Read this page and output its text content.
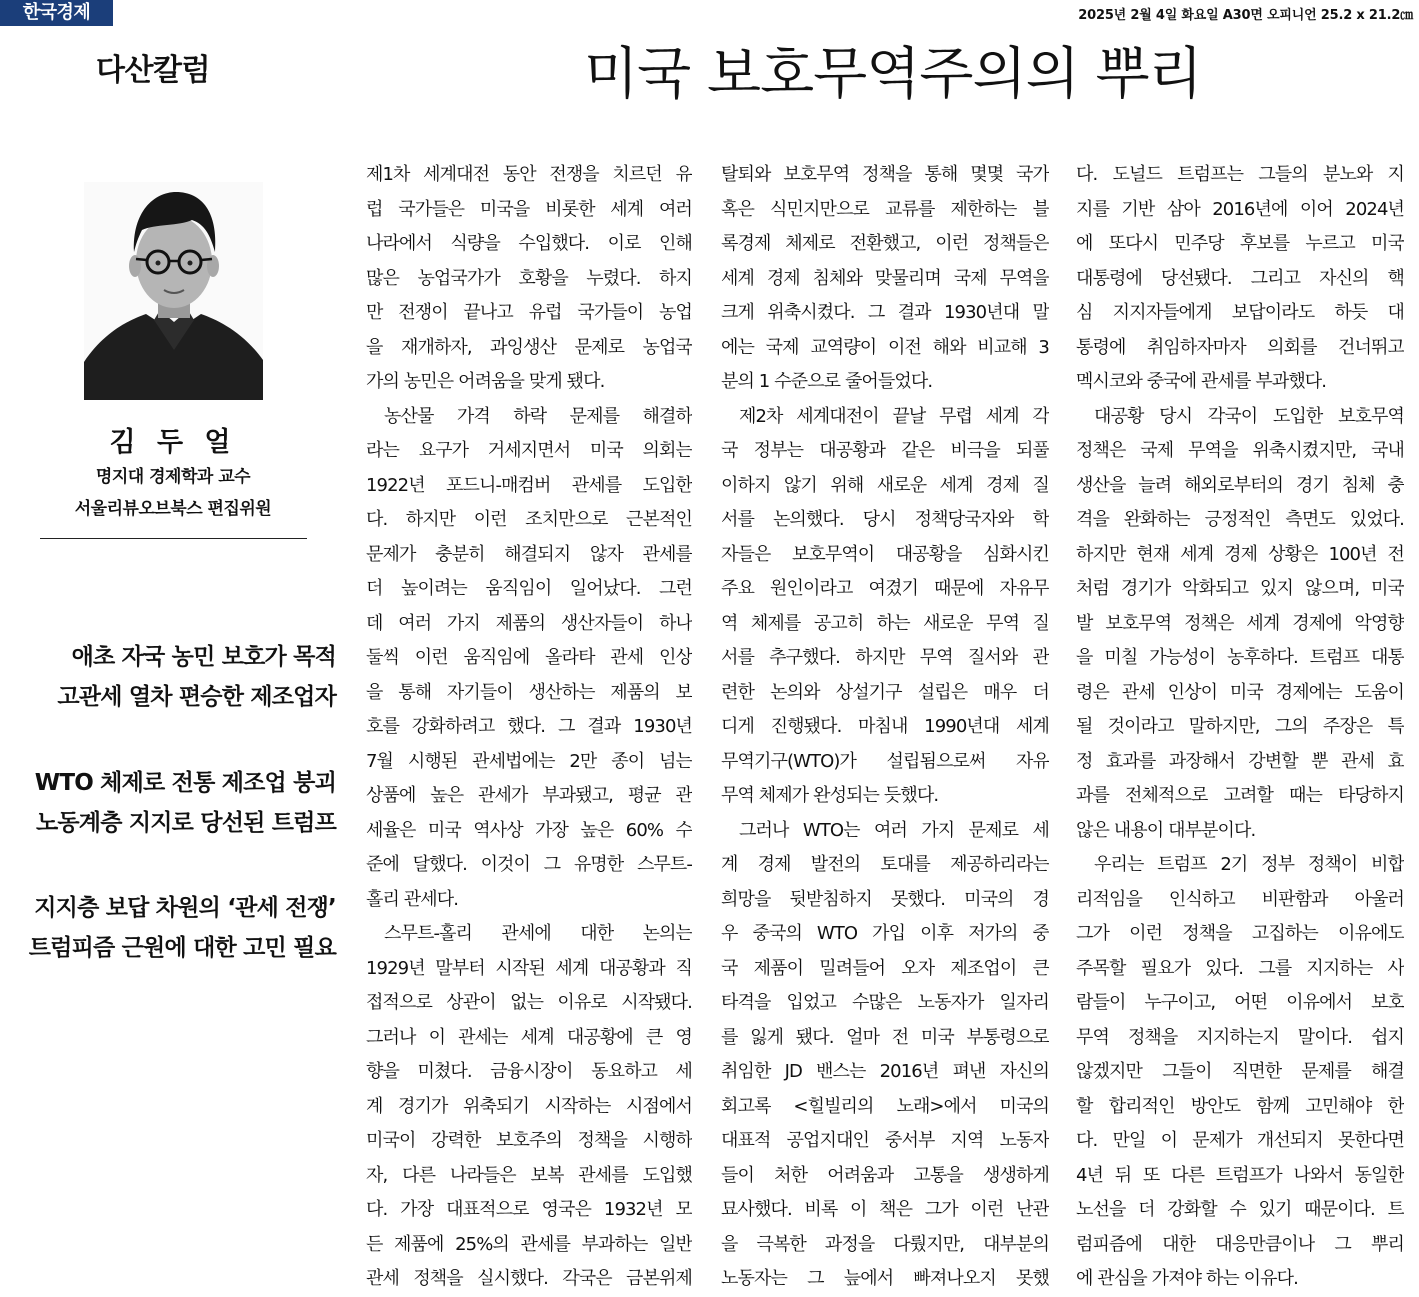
한국경제	2025년 2월 4일 화요일 A30면 오피니언 25.2 x 21.2㎝
다산칼럼	미국 보호무역주의의 뿌리
김 두 얼
명지대 경제학과 교수
서울리뷰오브북스 편집위원
애초 자국 농민 보호가 목적
고관세 열차 편승한 제조업자
WTO 체제로 전통 제조업 붕괴
노동계층 지지로 당선된 트럼프
지지층 보답 차원의 ‘관세 전쟁’
트럼피즘 근원에 대한 고민 필요
제1차 세계대전 동안 전쟁을 치르던 유
럽 국가들은 미국을 비롯한 세계 여러
나라에서 식량을 수입했다. 이로 인해
많은 농업국가가 호황을 누렸다. 하지
만 전쟁이 끝나고 유럽 국가들이 농업
을 재개하자, 과잉생산 문제로 농업국
가의 농민은 어려움을 맞게 됐다.
농산물 가격 하락 문제를 해결하
라는 요구가 거세지면서 미국 의회는
1922년 포드니-매컴버 관세를 도입한
다. 하지만 이런 조치만으로 근본적인
문제가 충분히 해결되지 않자 관세를
더 높이려는 움직임이 일어났다. 그런
데 여러 가지 제품의 생산자들이 하나
둘씩 이런 움직임에 올라타 관세 인상
을 통해 자기들이 생산하는 제품의 보
호를 강화하려고 했다. 그 결과 1930년
7월 시행된 관세법에는 2만 종이 넘는
상품에 높은 관세가 부과됐고, 평균 관
세율은 미국 역사상 가장 높은 60% 수
준에 달했다. 이것이 그 유명한 스무트-
홀리 관세다.
스무트-홀리 관세에 대한 논의는
1929년 말부터 시작된 세계 대공황과 직
접적으로 상관이 없는 이유로 시작됐다.
그러나 이 관세는 세계 대공황에 큰 영
향을 미쳤다. 금융시장이 동요하고 세
계 경기가 위축되기 시작하는 시점에서
미국이 강력한 보호주의 정책을 시행하
자, 다른 나라들은 보복 관세를 도입했
다. 가장 대표적으로 영국은 1932년 모
든 제품에 25%의 관세를 부과하는 일반
관세 정책을 실시했다. 각국은 금본위제
탈퇴와 보호무역 정책을 통해 몇몇 국가
혹은 식민지만으로 교류를 제한하는 블
록경제 체제로 전환했고, 이런 정책들은
세계 경제 침체와 맞물리며 국제 무역을
크게 위축시켰다. 그 결과 1930년대 말
에는 국제 교역량이 이전 해와 비교해 3
분의 1 수준으로 줄어들었다.
제2차 세계대전이 끝날 무렵 세계 각
국 정부는 대공황과 같은 비극을 되풀
이하지 않기 위해 새로운 세계 경제 질
서를 논의했다. 당시 정책당국자와 학
자들은 보호무역이 대공황을 심화시킨
주요 원인이라고 여겼기 때문에 자유무
역 체제를 공고히 하는 새로운 무역 질
서를 추구했다. 하지만 무역 질서와 관
련한 논의와 상설기구 설립은 매우 더
디게 진행됐다. 마침내 1990년대 세계
무역기구(WTO)가 설립됨으로써 자유
무역 체제가 완성되는 듯했다.
그러나 WTO는 여러 가지 문제로 세
계 경제 발전의 토대를 제공하리라는
희망을 뒷받침하지 못했다. 미국의 경
우 중국의 WTO 가입 이후 저가의 중
국 제품이 밀려들어 오자 제조업이 큰
타격을 입었고 수많은 노동자가 일자리
를 잃게 됐다. 얼마 전 미국 부통령으로
취임한 JD 밴스는 2016년 펴낸 자신의
회고록 <힐빌리의 노래>에서 미국의
대표적 공업지대인 중서부 지역 노동자
들이 처한 어려움과 고통을 생생하게
묘사했다. 비록 이 책은 그가 이런 난관
을 극복한 과정을 다뤘지만, 대부분의
노동자는 그 늪에서 빠져나오지 못했
다. 도널드 트럼프는 그들의 분노와 지
지를 기반 삼아 2016년에 이어 2024년
에 또다시 민주당 후보를 누르고 미국
대통령에 당선됐다. 그리고 자신의 핵
심 지지자들에게 보답이라도 하듯 대
통령에 취임하자마자 의회를 건너뛰고
멕시코와 중국에 관세를 부과했다.
대공황 당시 각국이 도입한 보호무역
정책은 국제 무역을 위축시켰지만, 국내
생산을 늘려 해외로부터의 경기 침체 충
격을 완화하는 긍정적인 측면도 있었다.
하지만 현재 세계 경제 상황은 100년 전
처럼 경기가 악화되고 있지 않으며, 미국
발 보호무역 정책은 세계 경제에 악영향
을 미칠 가능성이 농후하다. 트럼프 대통
령은 관세 인상이 미국 경제에는 도움이
될 것이라고 말하지만, 그의 주장은 특
정 효과를 과장해서 강변할 뿐 관세 효
과를 전체적으로 고려할 때는 타당하지
않은 내용이 대부분이다.
우리는 트럼프 2기 정부 정책이 비합
리적임을 인식하고 비판함과 아울러
그가 이런 정책을 고집하는 이유에도
주목할 필요가 있다. 그를 지지하는 사
람들이 누구이고, 어떤 이유에서 보호
무역 정책을 지지하는지 말이다. 쉽지
않겠지만 그들이 직면한 문제를 해결
할 합리적인 방안도 함께 고민해야 한
다. 만일 이 문제가 개선되지 못한다면
4년 뒤 또 다른 트럼프가 나와서 동일한
노선을 더 강화할 수 있기 때문이다. 트
럼피즘에 대한 대응만큼이나 그 뿌리
에 관심을 가져야 하는 이유다.
